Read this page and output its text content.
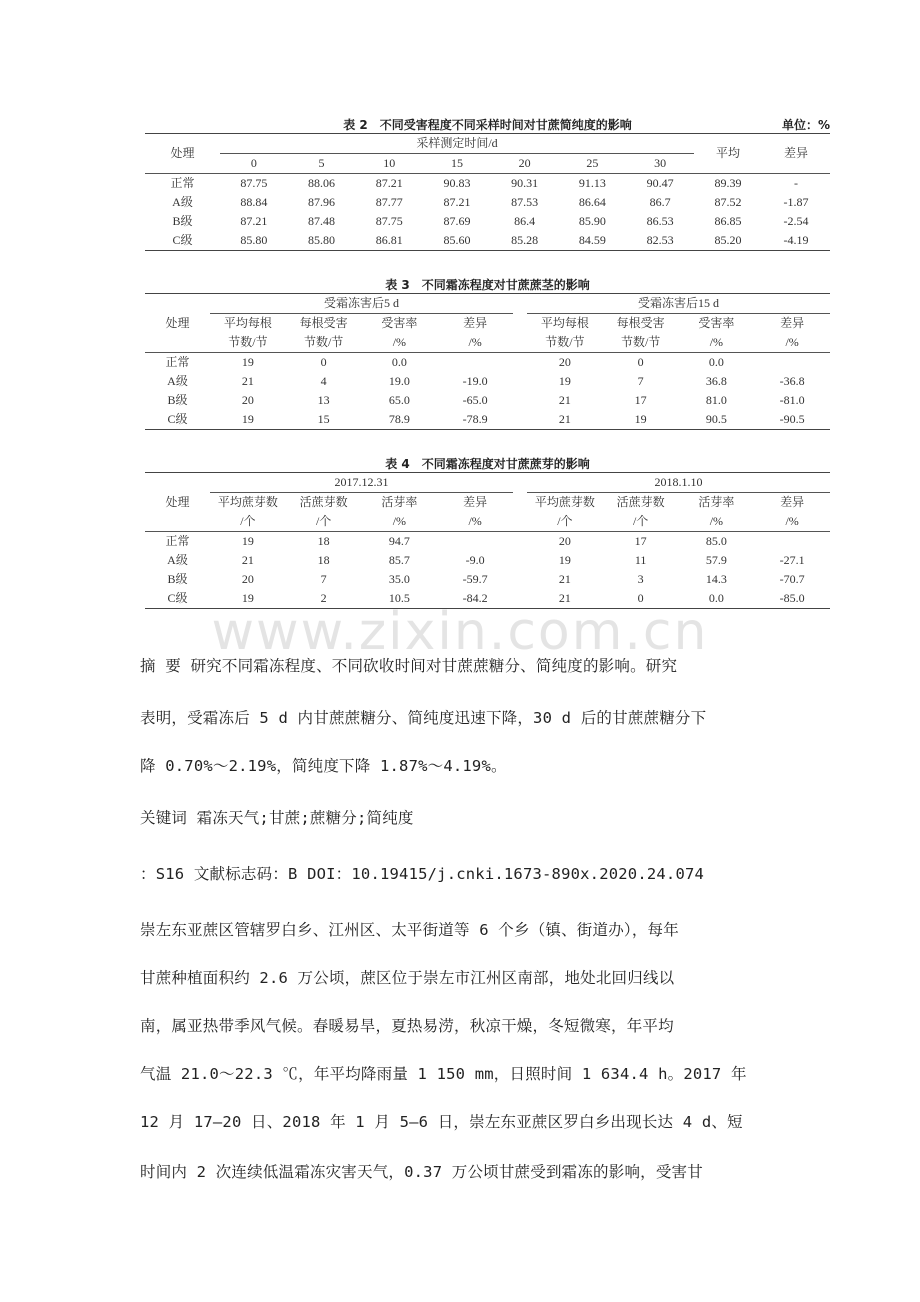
表 2　不同受害程度不同采样时间对甘蔗简纯度的影响	单位：%
处理	采样测定时间/d							平均	差异
	0	5	10	15	20	25	30		
正常	87.75	88.06	87.21	90.83	90.31	91.13	90.47	89.39	-
A级	88.84	87.96	87.77	87.21	87.53	86.64	86.7	87.52	-1.87
B级	87.21	87.48	87.75	87.69	86.4	85.90	86.53	86.85	-2.54
C级	85.80	85.80	86.81	85.60	85.28	84.59	82.53	85.20	-4.19
表 3　不同霜冻程度对甘蔗蔗茎的影响
处理	受霜冻害后5 d					受霜冻害后15 d			
	平均每根	每根受害	受害率	差异		平均每根	每根受害	受害率	差异
	节数/节	节数/节	/%	/%		节数/节	节数/节	/%	/%
正常	19	0	0.0			20	0	0.0	
A级	21	4	19.0	-19.0		19	7	36.8	-36.8
B级	20	13	65.0	-65.0		21	17	81.0	-81.0
C级	19	15	78.9	-78.9		21	19	90.5	-90.5
表 4　不同霜冻程度对甘蔗蔗芽的影响
处理	2017.12.31					2018.1.10			
	平均蔗芽数	活蔗芽数	活芽率	差异		平均蔗芽数	活蔗芽数	活芽率	差异
	/个	/个	/%	/%		/个	/个	/%	/%
正常	19	18	94.7			20	17	85.0	
A级	21	18	85.7	-9.0		19	11	57.9	-27.1
B级	20	7	35.0	-59.7		21	3	14.3	-70.7
C级	19	2	10.5	-84.2		21	0	0.0	-85.0
www.zixin.com.cn
摘 要 研究不同霜冻程度、不同砍收时间对甘蔗蔗糖分、简纯度的影响。研究
表明，受霜冻后 5 d 内甘蔗蔗糖分、简纯度迅速下降，30 d 后的甘蔗蔗糖分下
降 0.70%～2.19%，简纯度下降 1.87%～4.19%。
关键词 霜冻天气;甘蔗;蔗糖分;简纯度
：S16 文献标志码：B DOI：10.19415/j.cnki.1673-890x.2020.24.074
崇左东亚蔗区管辖罗白乡、江州区、太平街道等 6 个乡（镇、街道办），每年
甘蔗种植面积约 2.6 万公顷，蔗区位于崇左市江州区南部，地处北回归线以
南，属亚热带季风气候。春暖易旱，夏热易涝，秋凉干燥，冬短微寒，年平均
气温 21.0～22.3 ℃，年平均降雨量 1 150 mm，日照时间 1 634.4 h。2017 年
12 月 17—20 日、2018 年 1 月 5—6 日，崇左东亚蔗区罗白乡出现长达 4 d、短
时间内 2 次连续低温霜冻灾害天气，0.37 万公顷甘蔗受到霜冻的影响，受害甘
